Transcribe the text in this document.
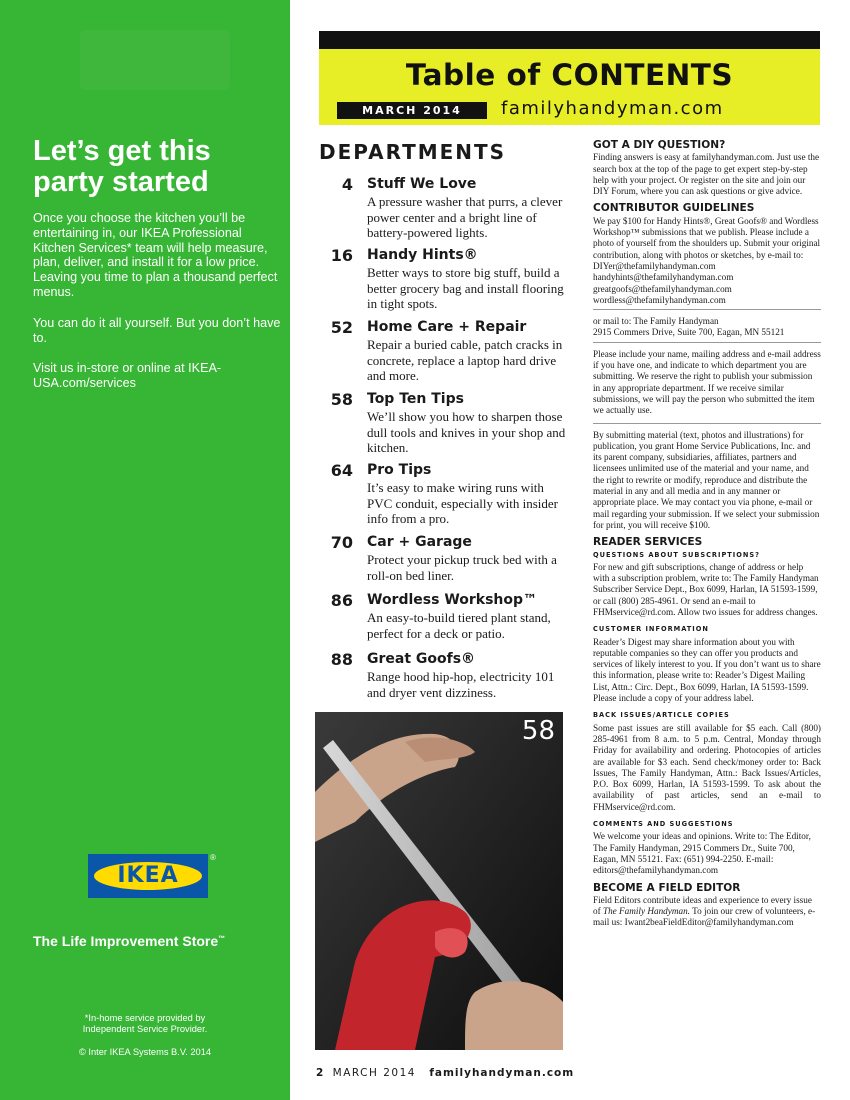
Let’s get this party started

Once you choose the kitchen you’ll be entertaining in, our IKEA Professional Kitchen Services* team will help measure, plan, deliver, and install it for a low price. Leaving you time to plan a thousand perfect menus.

You can do it all yourself. But you don’t have to.

Visit us in-store or online at IKEA-USA.com/services

IKEA
®
The Life Improvement Store™
*In-home service provided by
Independent Service Provider.
© Inter IKEA Systems B.V. 2014
Table of CONTENTS
MARCH 2014	familyhandyman.com
DEPARTMENTS
4 Stuff We Love
A pressure washer that purrs, a clever power center and a bright line of battery-powered lights.
16 Handy Hints®
Better ways to store big stuff, build a better grocery bag and install flooring in tight spots.
52 Home Care + Repair
Repair a buried cable, patch cracks in concrete, replace a laptop hard drive and more.
58 Top Ten Tips
We’ll show you how to sharpen those dull tools and knives in your shop and kitchen.
64 Pro Tips
It’s easy to make wiring runs with PVC conduit, especially with insider info from a pro.
70 Car + Garage
Protect your pickup truck bed with a roll-on bed liner.
86 Wordless Workshop™
An easy-to-build tiered plant stand, perfect for a deck or patio.
88 Great Goofs®
Range hood hip-hop, electricity 101 and dryer vent dizziness.
58
GOT A DIY QUESTION?

Finding answers is easy at familyhandyman.com. Just use the search box at the top of the page to get expert step-by-step help with your project. Or register on the site and join our DIY Forum, where you can ask questions or give advice.

CONTRIBUTOR GUIDELINES
We pay $100 for Handy Hints®, Great Goofs® and Wordless Workshop™ submissions that we publish. Please include a photo of yourself from the shoulders up. Submit your original contribution, along with photos or sketches, by e-mail to:
DIYer@thefamilyhandyman.com
handyhints@thefamilyhandyman.com
greatgoofs@thefamilyhandyman.com
wordless@thefamilyhandyman.com
or mail to: The Family Handyman
2915 Commers Drive, Suite 700, Eagan, MN 55121

Please include your name, mailing address and e-mail address if you have one, and indicate to which department you are submitting. We reserve the right to publish your submission in any appropriate department. If we receive similar submissions, we will pay the person who submitted the item we actually use.

By submitting material (text, photos and illustrations) for publication, you grant Home Service Publications, Inc. and its parent company, subsidiaries, affiliates, partners and licensees unlimited use of the material and your name, and the right to rewrite or modify, reproduce and distribute the material in any and all media and in any manner or appropriate place. We may contact you via phone, e-mail or mail regarding your submission. If we select your submission for print, you will receive $100.

READER SERVICES
QUESTIONS ABOUT SUBSCRIPTIONS?

For new and gift subscriptions, change of address or help with a subscription problem, write to: The Family Handyman Subscriber Service Dept., Box 6099, Harlan, IA 51593-1599, or call (800) 285-4961. Or send an e-mail to FHMservice@rd.com. Allow two issues for address changes.

CUSTOMER INFORMATION

Reader’s Digest may share information about you with reputable companies so they can offer you products and services of likely interest to you. If you don’t want us to share this information, please write to: Reader’s Digest Mailing List, Attn.: Circ. Dept., Box 6099, Harlan, IA 51593-1599. Please include a copy of your address label.

BACK ISSUES/ARTICLE COPIES

Some past issues are still available for $5 each. Call (800) 285-4961 from 8 a.m. to 5 p.m. Central, Monday through Friday for availability and ordering. Photocopies of articles are available for $3 each. Send check/money order to: Back Issues, The Family Handyman, Attn.: Back Issues/Articles, P.O. Box 6099, Harlan, IA 51593-1599. To ask about the availability of past articles, send an e-mail to FHMservice@rd.com.

COMMENTS AND SUGGESTIONS

We welcome your ideas and opinions. Write to: The Editor, The Family Handyman, 2915 Commers Dr., Suite 700, Eagan, MN 55121. Fax: (651) 994-2250. E-mail: editors@thefamilyhandyman.com

BECOME A FIELD EDITOR

Field Editors contribute ideas and experience to every issue of The Family Handyman. To join our crew of volunteers, e-mail us: Iwant2beaFieldEditor@familyhandyman.com

2 MARCH 2014 familyhandyman.com
